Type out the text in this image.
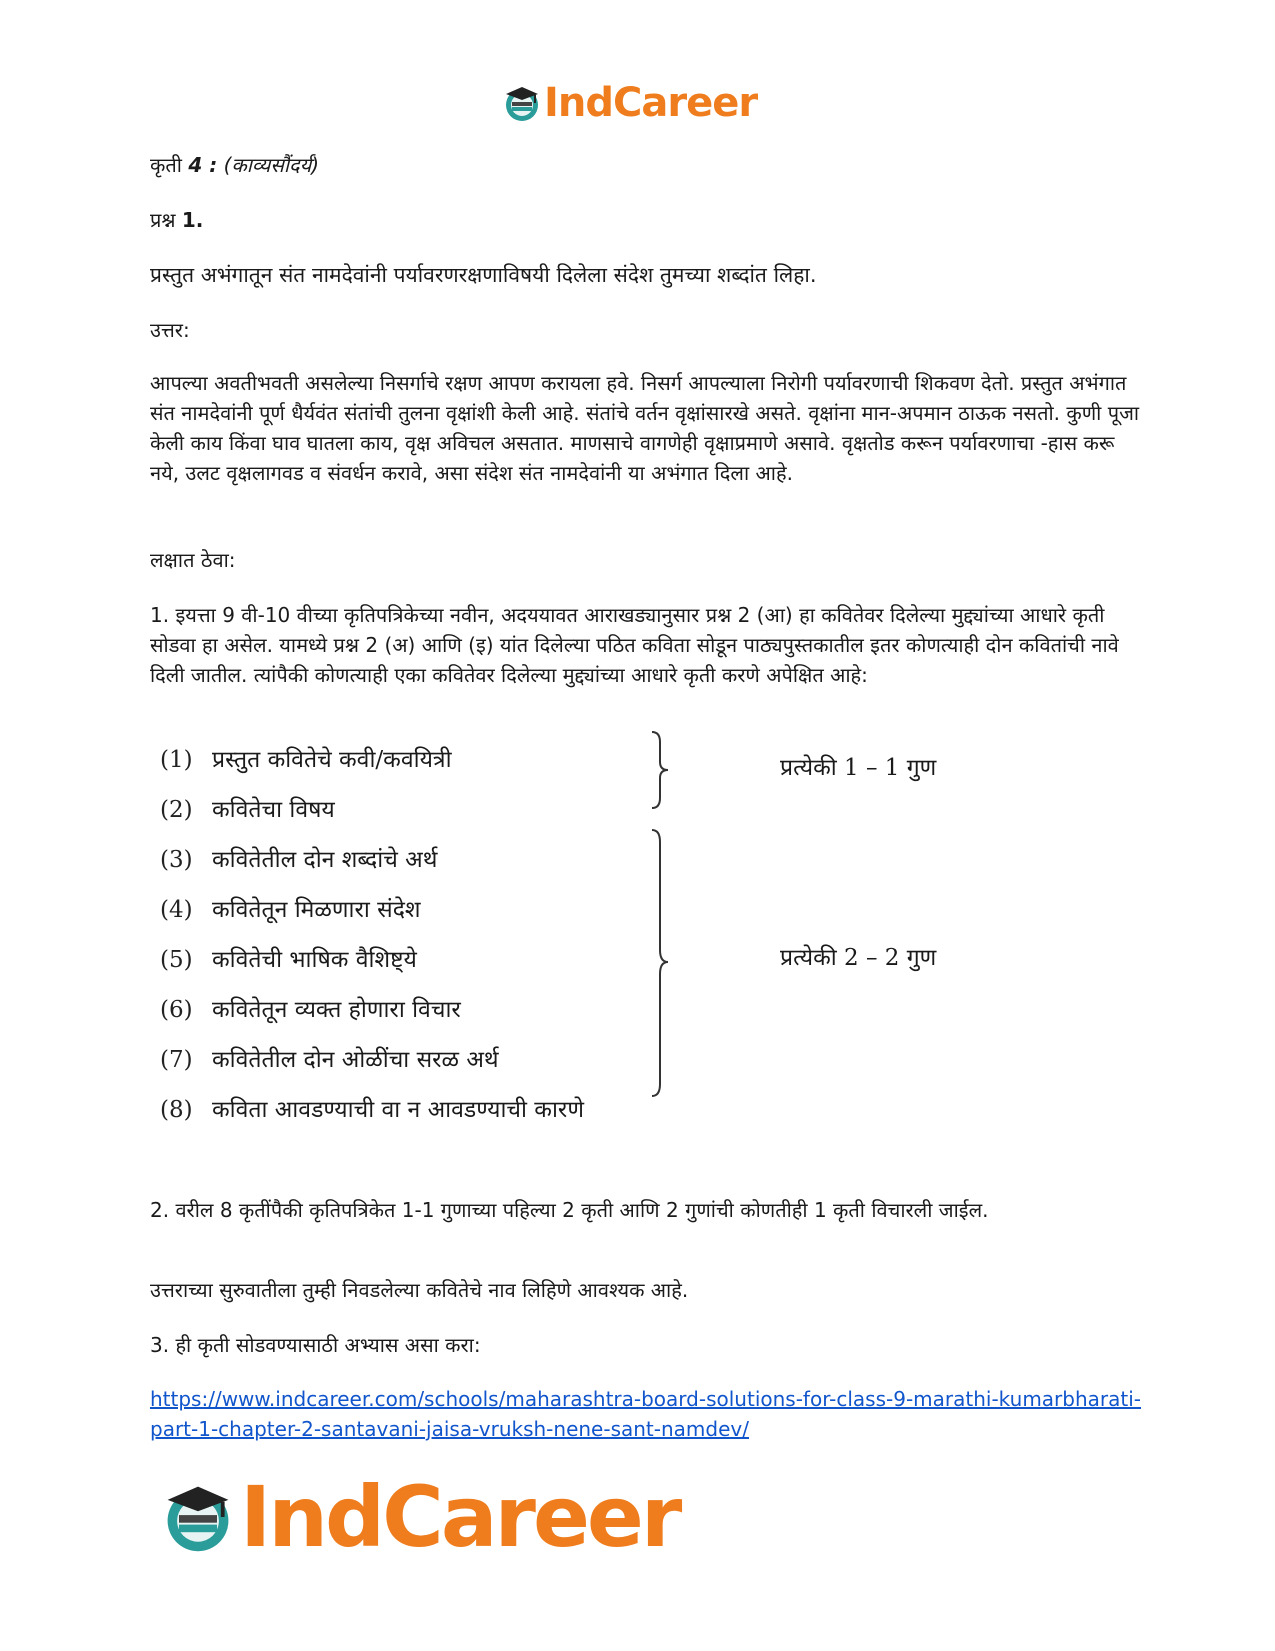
IndCareer
कृती 4 : (काव्यसौंदर्य)
प्रश्न 1.
प्रस्तुत अभंगातून संत नामदेवांनी पर्यावरणरक्षणाविषयी दिलेला संदेश तुमच्या शब्दांत लिहा.
उत्तर:
आपल्या अवतीभवती असलेल्या निसर्गाचे रक्षण आपण करायला हवे. निसर्ग आपल्याला निरोगी पर्यावरणाची शिकवण देतो. प्रस्तुत अभंगात संत नामदेवांनी पूर्ण धैर्यवंत संतांची तुलना वृक्षांशी केली आहे. संतांचे वर्तन वृक्षांसारखे असते. वृक्षांना मान-अपमान ठाऊक नसतो. कुणी पूजा केली काय किंवा घाव घातला काय, वृक्ष अविचल असतात. माणसाचे वागणेही वृक्षाप्रमाणे असावे. वृक्षतोड करून पर्यावरणाचा -हास करू नये, उलट वृक्षलागवड व संवर्धन करावे, असा संदेश संत नामदेवांनी या अभंगात दिला आहे.
लक्षात ठेवा:
1. इयत्ता 9 वी-10 वीच्या कृतिपत्रिकेच्या नवीन, अदययावत आराखड्यानुसार प्रश्न 2 (आ) हा कवितेवर दिलेल्या मुद्द्यांच्या आधारे कृती सोडवा हा असेल. यामध्ये प्रश्न 2 (अ) आणि (इ) यांत दिलेल्या पठित कविता सोडून पाठ्यपुस्तकातील इतर कोणत्याही दोन कवितांची नावे दिली जातील. त्यांपैकी कोणत्याही एका कवितेवर दिलेल्या मुद्द्यांच्या आधारे कृती करणे अपेक्षित आहे:
(1) प्रस्तुत कवितेचे कवी/कवयित्री
(2) कवितेचा विषय
(3) कवितेतील दोन शब्दांचे अर्थ
(4) कवितेतून मिळणारा संदेश
(5) कवितेची भाषिक वैशिष्ट्ये
(6) कवितेतून व्यक्त होणारा विचार
(7) कवितेतील दोन ओळींचा सरळ अर्थ
(8) कविता आवडण्याची वा न आवडण्याची कारणे
प्रत्येकी 1 – 1 गुण
प्रत्येकी 2 – 2 गुण
2. वरील 8 कृतींपैकी कृतिपत्रिकेत 1-1 गुणाच्या पहिल्या 2 कृती आणि 2 गुणांची कोणतीही 1 कृती विचारली जाईल.
उत्तराच्या सुरुवातीला तुम्ही निवडलेल्या कवितेचे नाव लिहिणे आवश्यक आहे.
3. ही कृती सोडवण्यासाठी अभ्यास असा करा:
https://www.indcareer.com/schools/maharashtra-board-solutions-for-class-9-marathi-kumarbharati-part-1-chapter-2-santavani-jaisa-vruksh-nene-sant-namdev/
IndCareer
